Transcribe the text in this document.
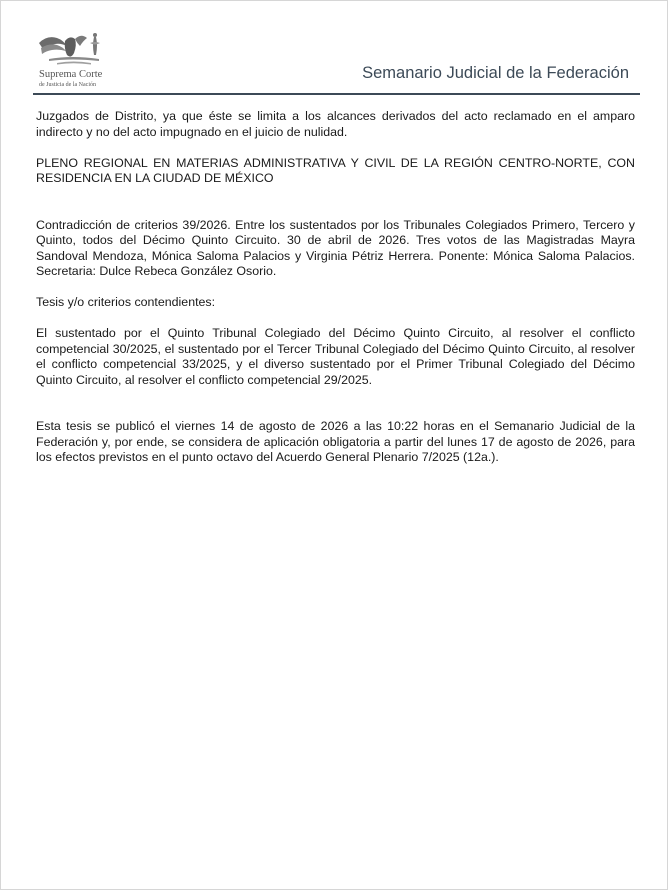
Suprema Corte
de Justicia de la Nación
Semanario Judicial de la Federación

Juzgados de Distrito, ya que éste se limita a los alcances derivados del acto reclamado en el amparo indirecto y no del acto impugnado en el juicio de nulidad.

PLENO REGIONAL EN MATERIAS ADMINISTRATIVA Y CIVIL DE LA REGIÓN CENTRO-NORTE, CON RESIDENCIA EN LA CIUDAD DE MÉXICO

Contradicción de criterios 39/2026. Entre los sustentados por los Tribunales Colegiados Primero, Tercero y Quinto, todos del Décimo Quinto Circuito. 30 de abril de 2026. Tres votos de las Magistradas Mayra Sandoval Mendoza, Mónica Saloma Palacios y Virginia Pétriz Herrera. Ponente: Mónica Saloma Palacios. Secretaria: Dulce Rebeca González Osorio.

Tesis y/o criterios contendientes:

El sustentado por el Quinto Tribunal Colegiado del Décimo Quinto Circuito, al resolver el conflicto competencial 30/2025, el sustentado por el Tercer Tribunal Colegiado del Décimo Quinto Circuito, al resolver el conflicto competencial 33/2025, y el diverso sustentado por el Primer Tribunal Colegiado del Décimo Quinto Circuito, al resolver el conflicto competencial 29/2025.

Esta tesis se publicó el viernes 14 de agosto de 2026 a las 10:22 horas en el Semanario Judicial de la Federación y, por ende, se considera de aplicación obligatoria a partir del lunes 17 de agosto de 2026, para los efectos previstos en el punto octavo del Acuerdo General Plenario 7/2025 (12a.).
